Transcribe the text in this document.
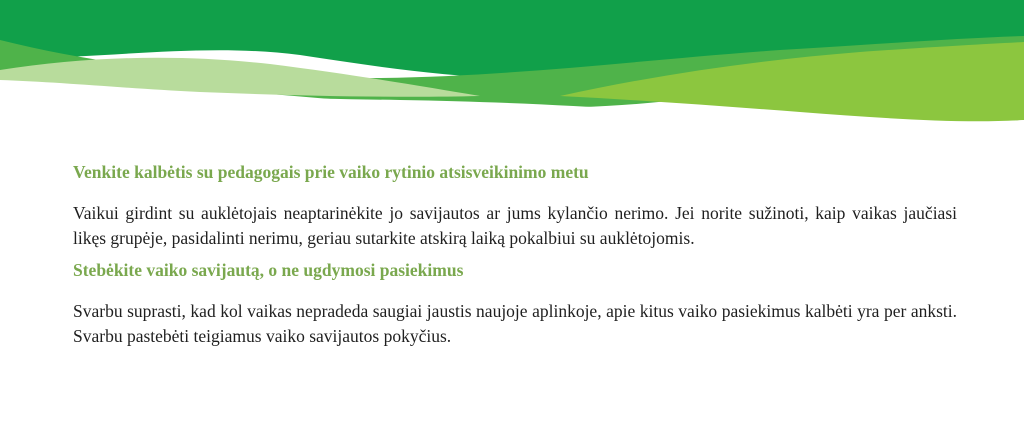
Venkite kalbėtis su pedagogais prie vaiko rytinio atsisveikinimo metu

Vaikui girdint su auklėtojais neaptarinėkite jo savijautos ar jums kylančio nerimo. Jei norite sužinoti, kaip vaikas jaučiasi likęs grupėje, pasidalinti nerimu, geriau sutarkite atskirą laiką pokalbiui su auklėtojomis.

Stebėkite vaiko savijautą, o ne ugdymosi pasiekimus

Svarbu suprasti, kad kol vaikas nepradeda saugiai jaustis naujoje aplinkoje, apie kitus vaiko pasiekimus kalbėti yra per anksti. Svarbu pastebėti teigiamus vaiko savijautos pokyčius.
